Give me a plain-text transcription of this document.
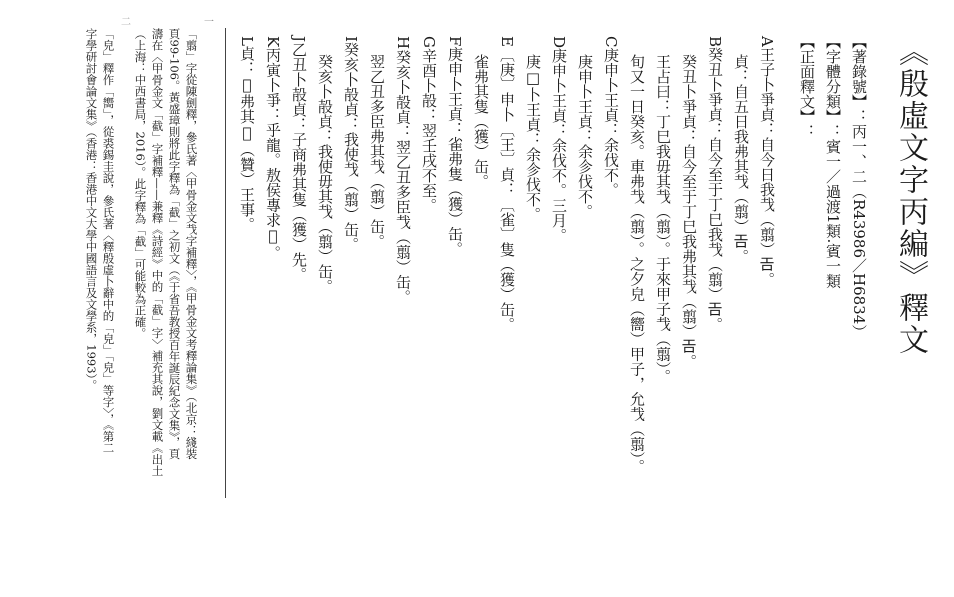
《殷虛文字丙編》釋文
【著錄號】：丙一、二（R43986／H6834）
【字體分類】：賓一／過渡1類.賓一類
【正面釋文】：
A王子卜爭貞：自今日我𢦏（翦）𢀛。
貞：自五日我弗其𢦏（翦）𢀛。
B癸丑卜爭貞：自今至于丁巳我𢦏（翦）𢀛。
癸丑卜爭貞：自今至于丁巳我弗其𢦏（翦）𢀛。
王占曰：丁巳我毋其𢦏（翦）。于來甲子𢦏（翦）。
旬又一日癸亥。車弗𢦏（翦）。之夕皃（嚮）甲子，允𢦏（翦）。
C庚申卜王貞：余伐不。
庚申卜王貞：余㐱伐不。
D庚申卜王貞：余伐不。三月。
庚□卜王貞：余㐱伐不。
E〔庚〕申卜〔王〕貞：〔雀〕隻（獲）缶。
雀弗其隻（獲）缶。
F庚申卜王貞：雀弗隻（獲）缶。
G辛酉卜㱿：翌壬戌不至。
H癸亥卜㱿貞：翌乙丑多臣𢦏（翦）缶。
翌乙丑多臣弗其𢦏（翦）缶。
I癸亥卜㱿貞：我使𢦏（翦）缶。
癸亥卜㱿貞：我使毋其𢦏（翦）缶。
J乙丑卜㱿貞：子商弗其隻（獲）先。
K丙寅卜爭：乎龍。敖侯專求𢼸。
L貞：𤞷弗其𢀛（贊）王事。
一
「翦」字從陳劍釋，參氏著〈甲骨金文𢦏字補釋〉，《甲骨金文考釋論集》（北京：綫裝
頁99-106。黃盛璋則將此字釋為「截」之初文（《于省吾教授百年誕辰紀念文集》，頁
濤在〈甲骨金文「截」字補釋——兼釋《詩經》中的「截」字〉補充其說，劉文載《出土
（上海：中西書局，2016）。此字釋為「截」可能較為正確。
二
「皃」釋作「嚮」，從裘錫圭說，參氏著〈釋殷虛卜辭中的「皃」「皃」等字〉，《第二
字學研討會論文集》（香港：香港中文大學中國語言及文學系，1993）。
